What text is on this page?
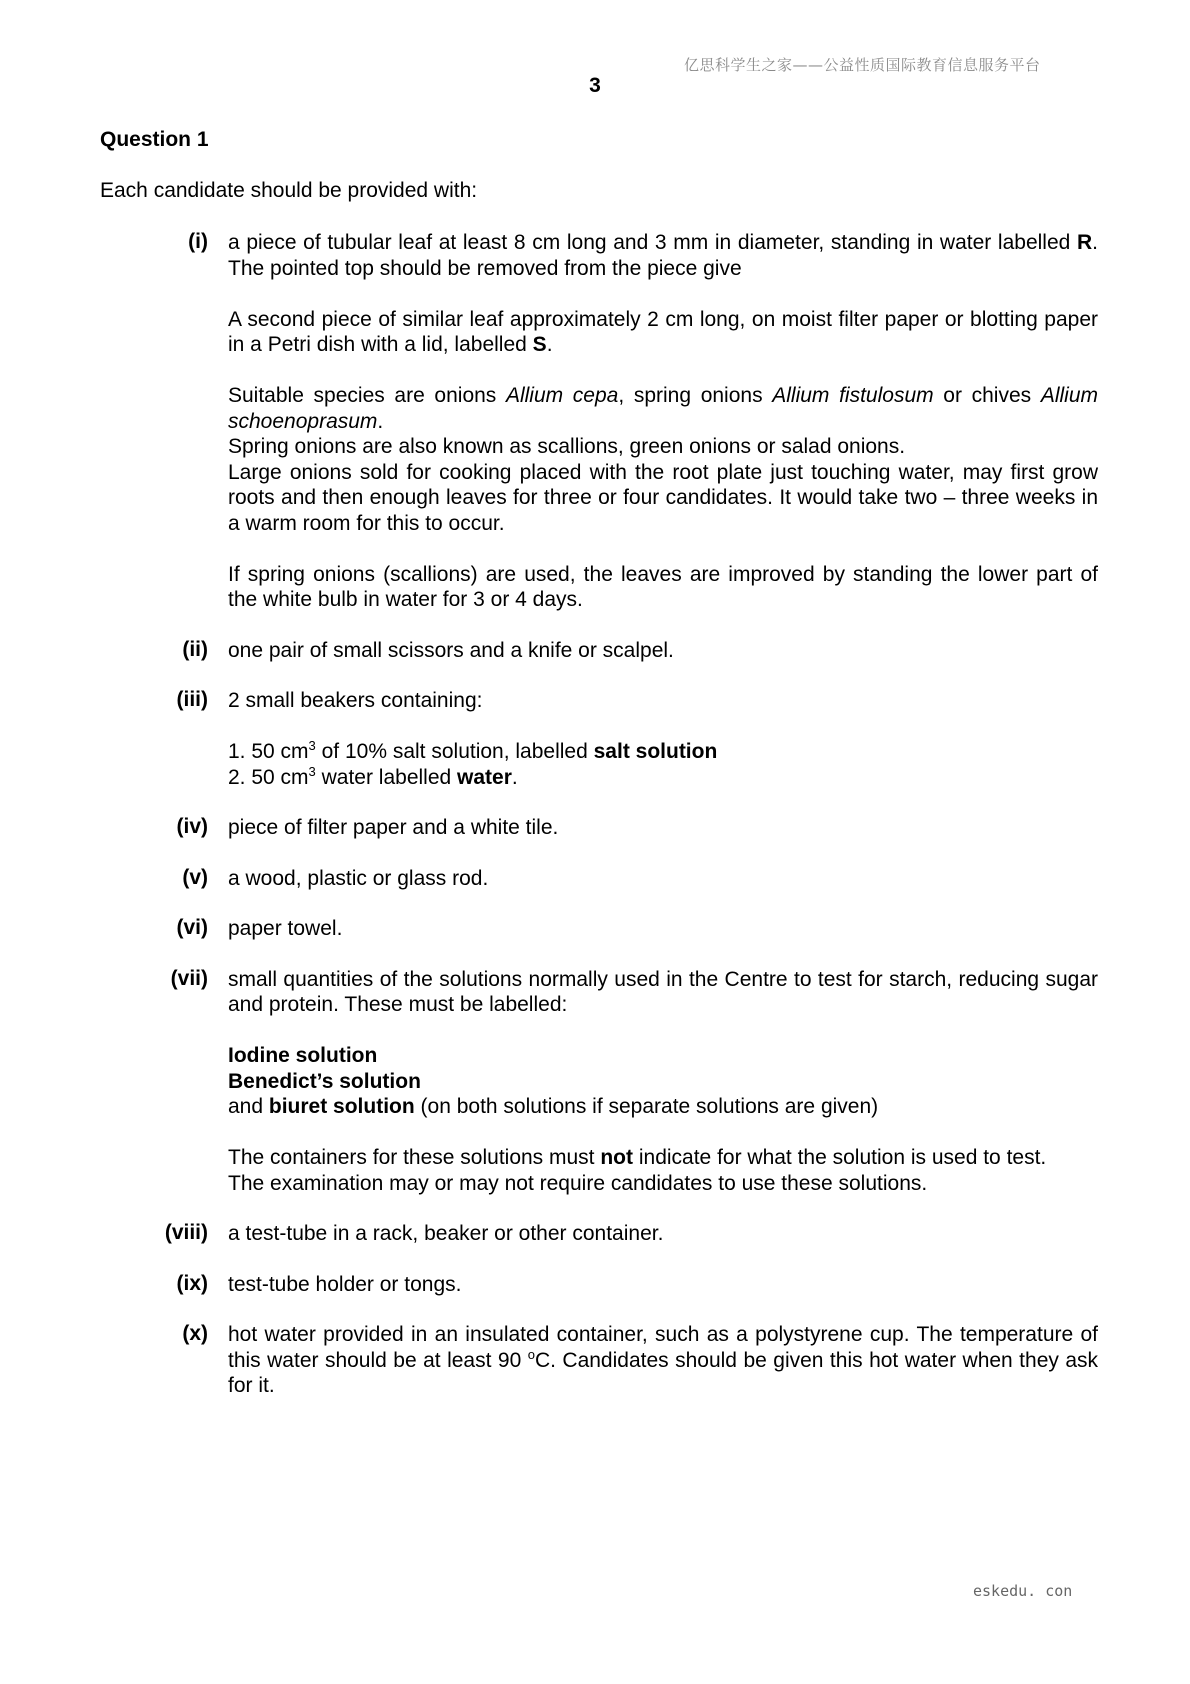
亿思科学生之家——公益性质国际教育信息服务平台
3
Question 1
Each candidate should be provided with:
(i) a piece of tubular leaf at least 8 cm long and 3 mm in diameter, standing in water labelled R. The pointed top should be removed from the piece give

A second piece of similar leaf approximately 2 cm long, on moist filter paper or blotting paper in a Petri dish with a lid, labelled S.

Suitable species are onions Allium cepa, spring onions Allium fistulosum or chives Allium schoenoprasum.

Spring onions are also known as scallions, green onions or salad onions.

Large onions sold for cooking placed with the root plate just touching water, may first grow roots and then enough leaves for three or four candidates. It would take two – three weeks in a warm room for this to occur.

If spring onions (scallions) are used, the leaves are improved by standing the lower part of the white bulb in water for 3 or 4 days.

(ii) one pair of small scissors and a knife or scalpel.

(iii) 2 small beakers containing:

1. 50 $cm^3$ of 10% salt solution, labelled salt solution

2. 50 $cm^3$ water labelled water.

(iv) piece of filter paper and a white tile.

(v) a wood, plastic or glass rod.

(vi) paper towel.

(vii) small quantities of the solutions normally used in the Centre to test for starch, reducing sugar and protein. These must be labelled:

Iodine solution

Benedict’s solution

and biuret solution (on both solutions if separate solutions are given)

The containers for these solutions must not indicate for what the solution is used to test.

The examination may or may not require candidates to use these solutions.

(viii) a test-tube in a rack, beaker or other container.

(ix) test-tube holder or tongs.

(x) hot water provided in an insulated container, such as a polystyrene cup. The temperature of this water should be at least 90 $^o$C. Candidates should be given this hot water when they ask for it.

eskedu. con
